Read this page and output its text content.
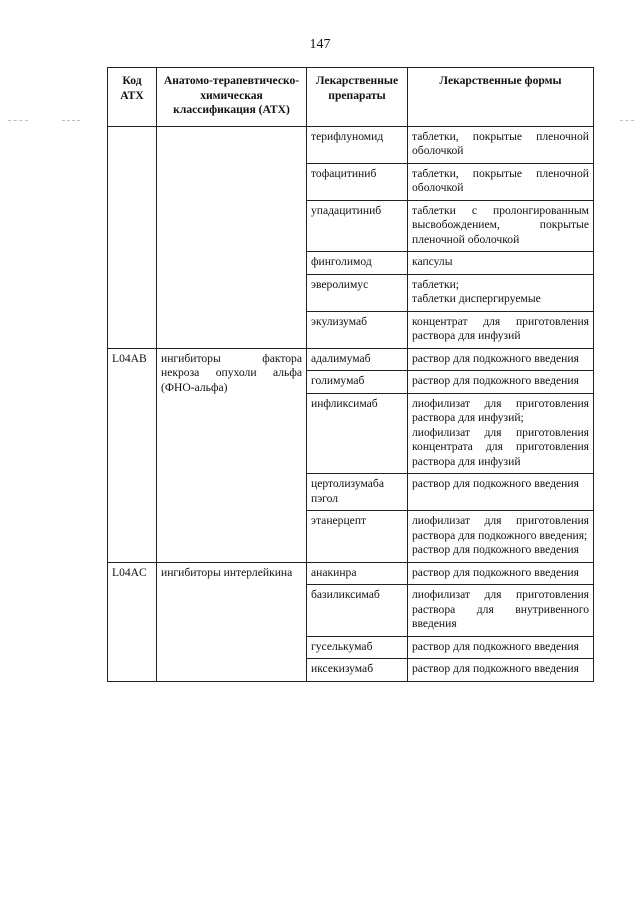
147
Код АТХ	Анатомо-терапевтическо-химическая классификация (АТХ)	Лекарственные препараты	Лекарственные формы
		терифлуномид	таблетки, покрытые пленочной оболочкой
		тофацитиниб	таблетки, покрытые пленочной оболочкой
		упадацитиниб	таблетки с пролонгированным высвобождением, покрытые пленочной оболочкой
		финголимод	капсулы
		эверолимус	таблетки;
таблетки диспергируемые
		экулизумаб	концентрат для приготовления раствора для инфузий
L04AB	ингибиторы фактора некроза опухоли альфа (ФНО-альфа)	адалимумаб	раствор для подкожного введения
		голимумаб	раствор для подкожного введения
		инфликсимаб	лиофилизат для приготовления раствора для инфузий;
лиофилизат для приготовления концентрата для приготовления раствора для инфузий
		цертолизумаба пэгол	раствор для подкожного введения
		этанерцепт	лиофилизат для приготовления раствора для подкожного введения;
раствор для подкожного введения
L04AC	ингибиторы интерлейкина	анакинра	раствор для подкожного введения
		базиликсимаб	лиофилизат для приготовления раствора для внутривенного введения
		гуселькумаб	раствор для подкожного введения
		иксекизумаб	раствор для подкожного введения
